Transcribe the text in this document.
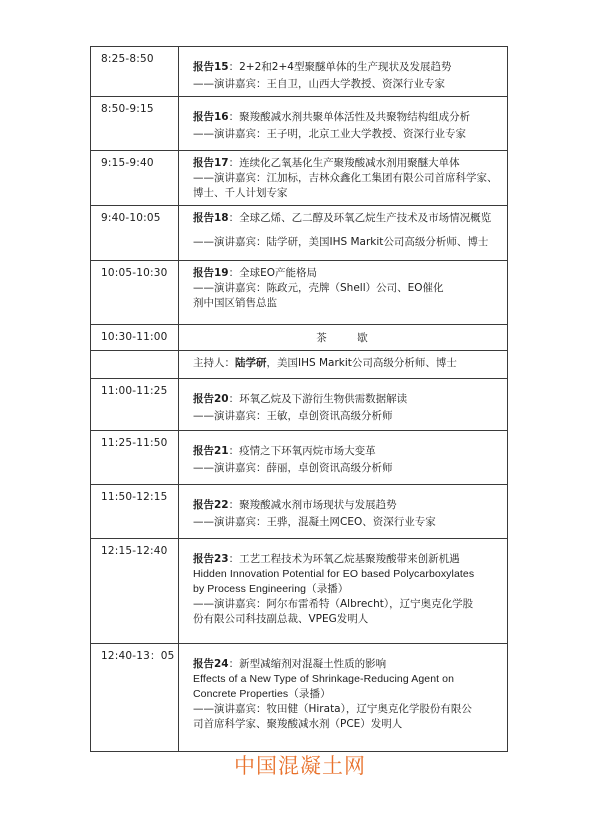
8:25-8:50	报告15：2+2和2+4型聚醚单体的生产现状及发展趋势
——演讲嘉宾：王自卫，山西大学教授、资深行业专家

8:50-9:15	报告16：聚羧酸减水剂共聚单体活性及共聚物结构组成分析
——演讲嘉宾：王子明，北京工业大学教授、资深行业专家

9:15-9:40	报告17：连续化乙氧基化生产聚羧酸减水剂用聚醚大单体
——演讲嘉宾：江加标，吉林众鑫化工集团有限公司首席科学家、
博士、千人计划专家

9:40-10:05	报告18：全球乙烯、乙二醇及环氧乙烷生产技术及市场情况概览
——演讲嘉宾：陆学研，美国IHS Markit公司高级分析师、博士

10:05-10:30	报告19：全球EO产能格局
——演讲嘉宾：陈政元，壳牌（Shell）公司、EO催化
剂中国区销售总监

10:30-11:00	茶　歇
	主持人：陆学研，美国IHS Markit公司高级分析师、博士
11:00-11:25	报告20：环氧乙烷及下游衍生物供需数据解读
——演讲嘉宾：王敏，卓创资讯高级分析师

11:25-11:50	报告21：疫情之下环氧丙烷市场大变革
——演讲嘉宾：薛丽，卓创资讯高级分析师

11:50-12:15	报告22：聚羧酸减水剂市场现状与发展趋势
——演讲嘉宾：王骅，混凝土网CEO、资深行业专家

12:15-12:40	报告23：工艺工程技术为环氧乙烷基聚羧酸带来创新机遇
Hidden Innovation Potential for EO based Polycarboxylates
by Process Engineering（录播）
——演讲嘉宾：阿尔布雷希特（Albrecht），辽宁奥克化学股
份有限公司科技副总裁、VPEG发明人

12:40-13：05	报告24：新型减缩剂对混凝土性质的影响
Effects of a New Type of Shrinkage-Reducing Agent on
Concrete Properties（录播）
——演讲嘉宾：牧田健（Hirata），辽宁奥克化学股份有限公
司首席科学家、聚羧酸减水剂（PCE）发明人
中国混凝土网
